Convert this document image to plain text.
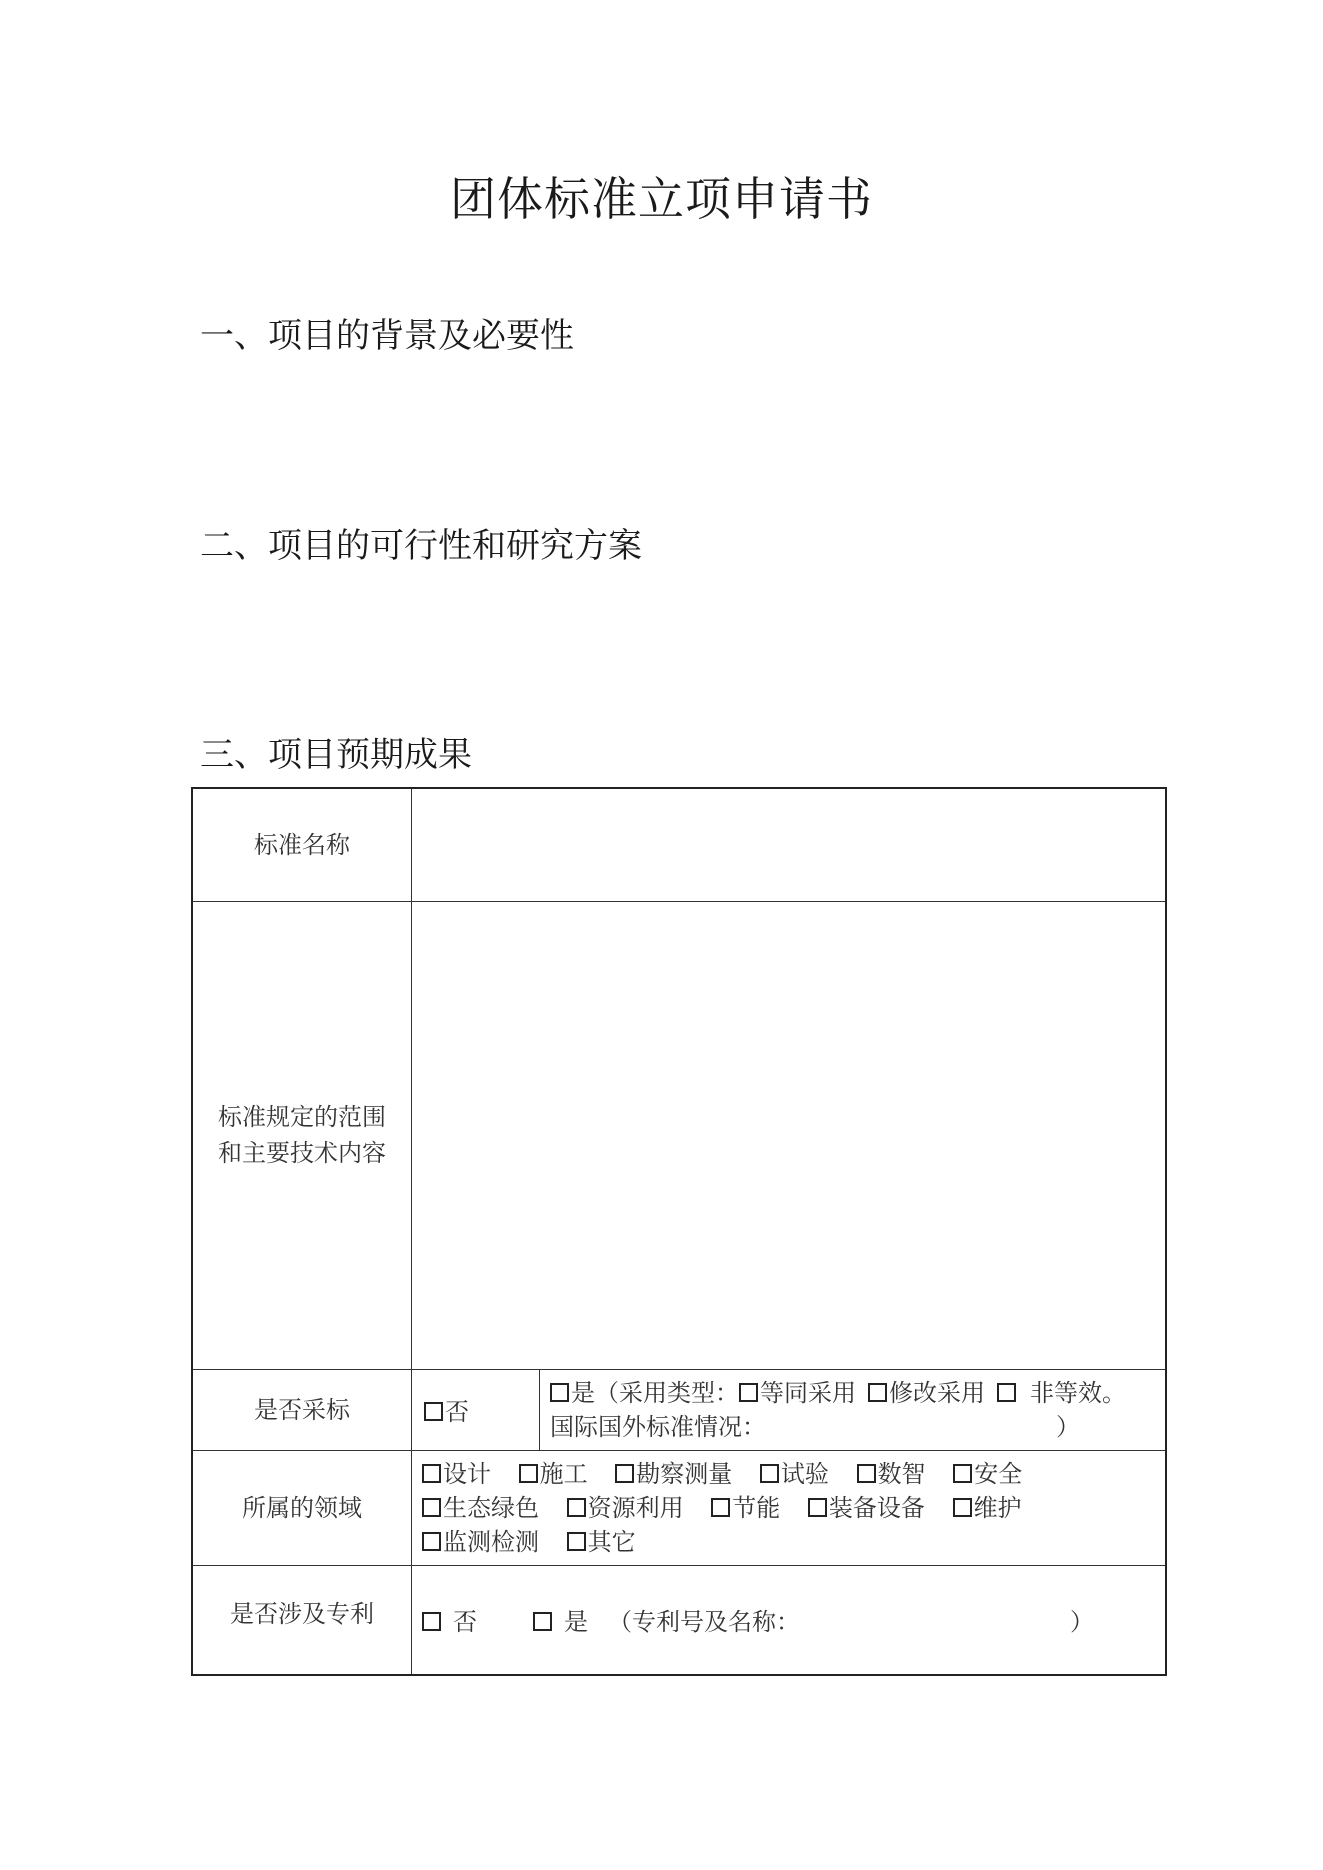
团体标准立项申请书
一、项目的背景及必要性
二、项目的可行性和研究方案
三、项目预期成果
标准名称		

标准规定的范围
和主要技术内容		

是否采标	否	是（采用类型： 等同采用 修改采用 非等效。
国际国外标准情况： ）

所属的领域	设计 施工 勘察测量 试验 数智 安全
生态绿色 资源利用 节能 装备设备 维护
监测检测 其它	

是否涉及专利	否 是 （专利号及名称： ）	
